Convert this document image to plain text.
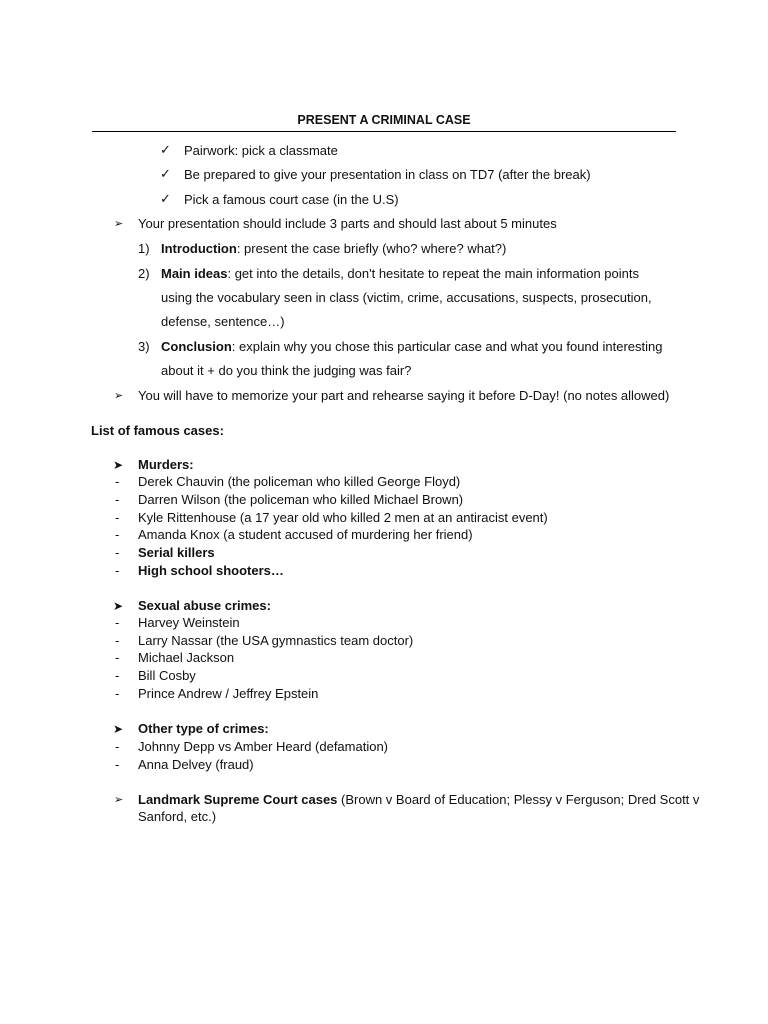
PRESENT A CRIMINAL CASE
✓ Pairwork: pick a classmate
✓ Be prepared to give your presentation in class on TD7 (after the break)
✓ Pick a famous court case (in the U.S)
➢ Your presentation should include 3 parts and should last about 5 minutes
1) Introduction: present the case briefly (who? where? what?)
2) Main ideas: get into the details, don't hesitate to repeat the main information points
using the vocabulary seen in class (victim, crime, accusations, suspects, prosecution,
defense, sentence…)
3) Conclusion: explain why you chose this particular case and what you found interesting
about it + do you think the judging was fair?
➢ You will have to memorize your part and rehearse saying it before D-Day! (no notes allowed)
List of famous cases:
➤ Murders:
- Derek Chauvin (the policeman who killed George Floyd)
- Darren Wilson (the policeman who killed Michael Brown)
- Kyle Rittenhouse (a 17 year old who killed 2 men at an antiracist event)
- Amanda Knox (a student accused of murdering her friend)
- Serial killers
- High school shooters…
➤ Sexual abuse crimes:
- Harvey Weinstein
- Larry Nassar (the USA gymnastics team doctor)
- Michael Jackson
- Bill Cosby
- Prince Andrew / Jeffrey Epstein
➤ Other type of crimes:
- Johnny Depp vs Amber Heard (defamation)
- Anna Delvey (fraud)
➢ Landmark Supreme Court cases (Brown v Board of Education; Plessy v Ferguson; Dred Scott v
Sanford, etc.)
